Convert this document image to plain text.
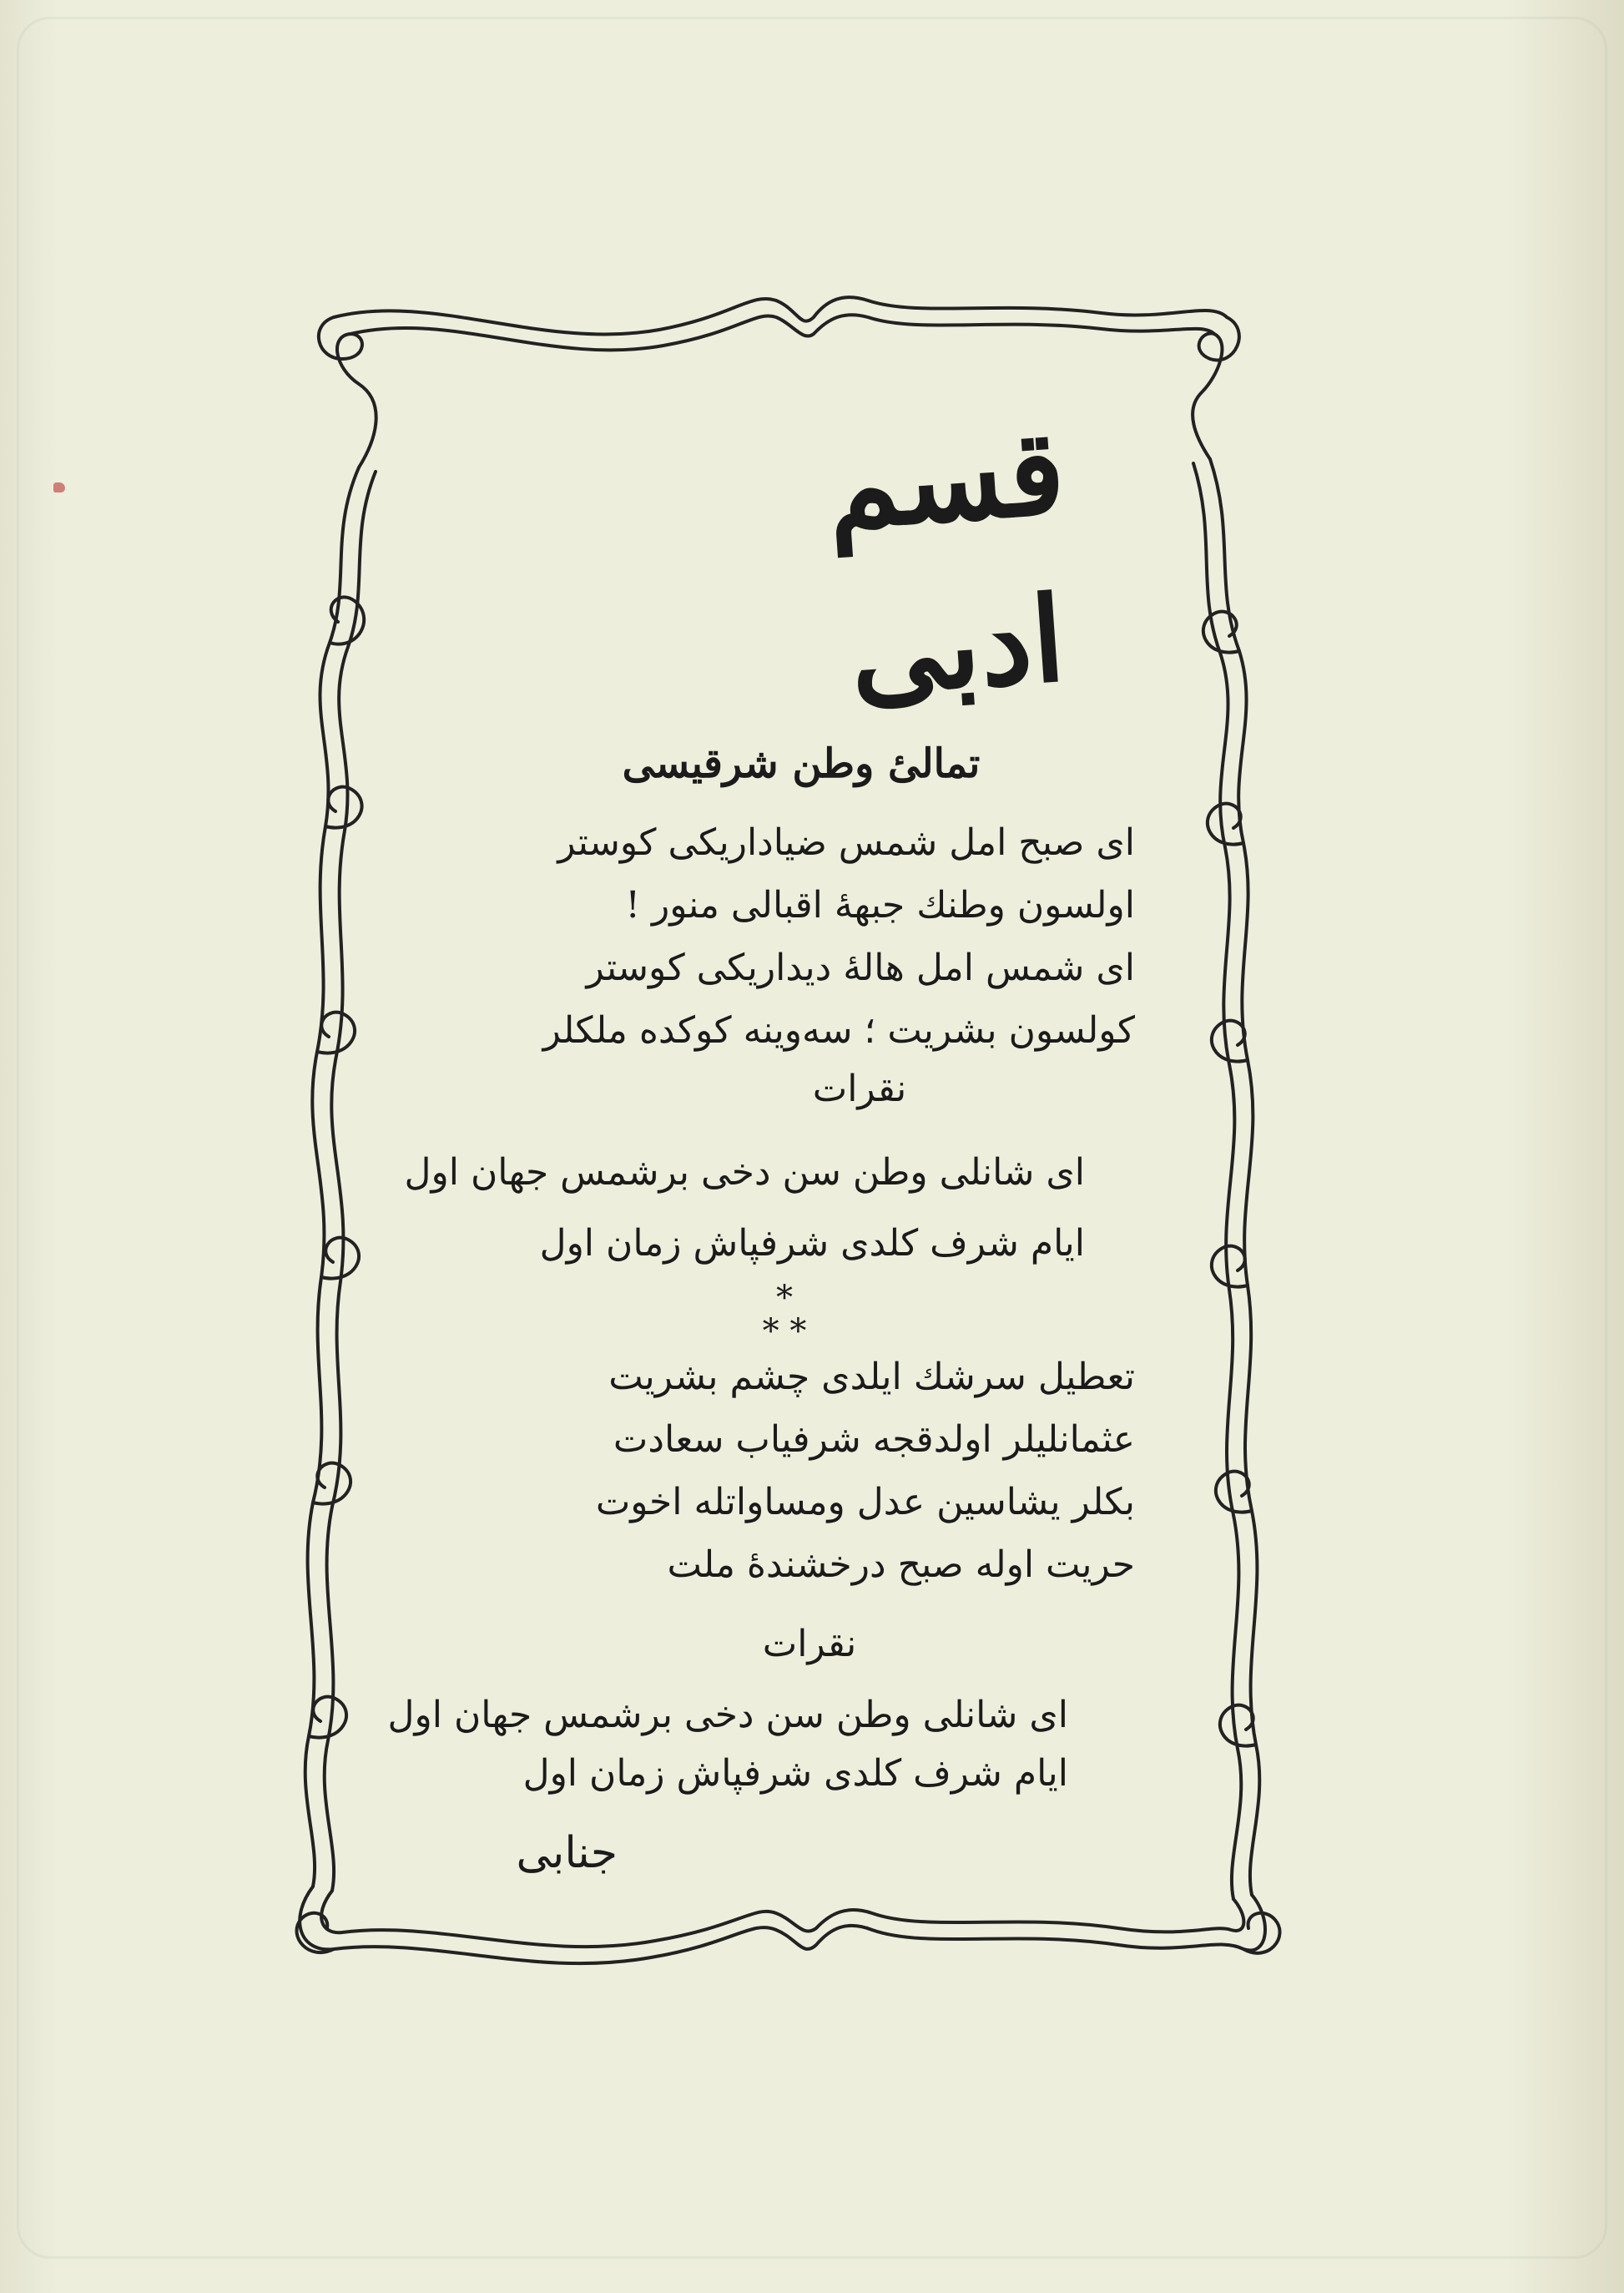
قسم ادبی
تمالیٔ وطن شرقیسی
ای صبح امل شمس ضیاداریکی کوستر
اولسون وطنك جبهۀ اقبالی منور !
ای شمس امل هالۀ دیداریکی کوستر
کولسون بشریت ؛ سه‌وینه کوکده ملکلر
نقرات
ای شانلی وطن سن دخی برشمس جهان اول
ایام شرف کلدی شرفپاش زمان اول
*
* *
تعطیل سرشك ایلدی چشم بشریت
عثمانلیلر اولدقجه شرفیاب سعادت
بکلر یشاسین عدل ومساواتله اخوت
حریت اوله صبح درخشندۀ ملت
نقرات
ای شانلی وطن سن دخی برشمس جهان اول
ایام شرف کلدی شرفپاش زمان اول
جنابی
